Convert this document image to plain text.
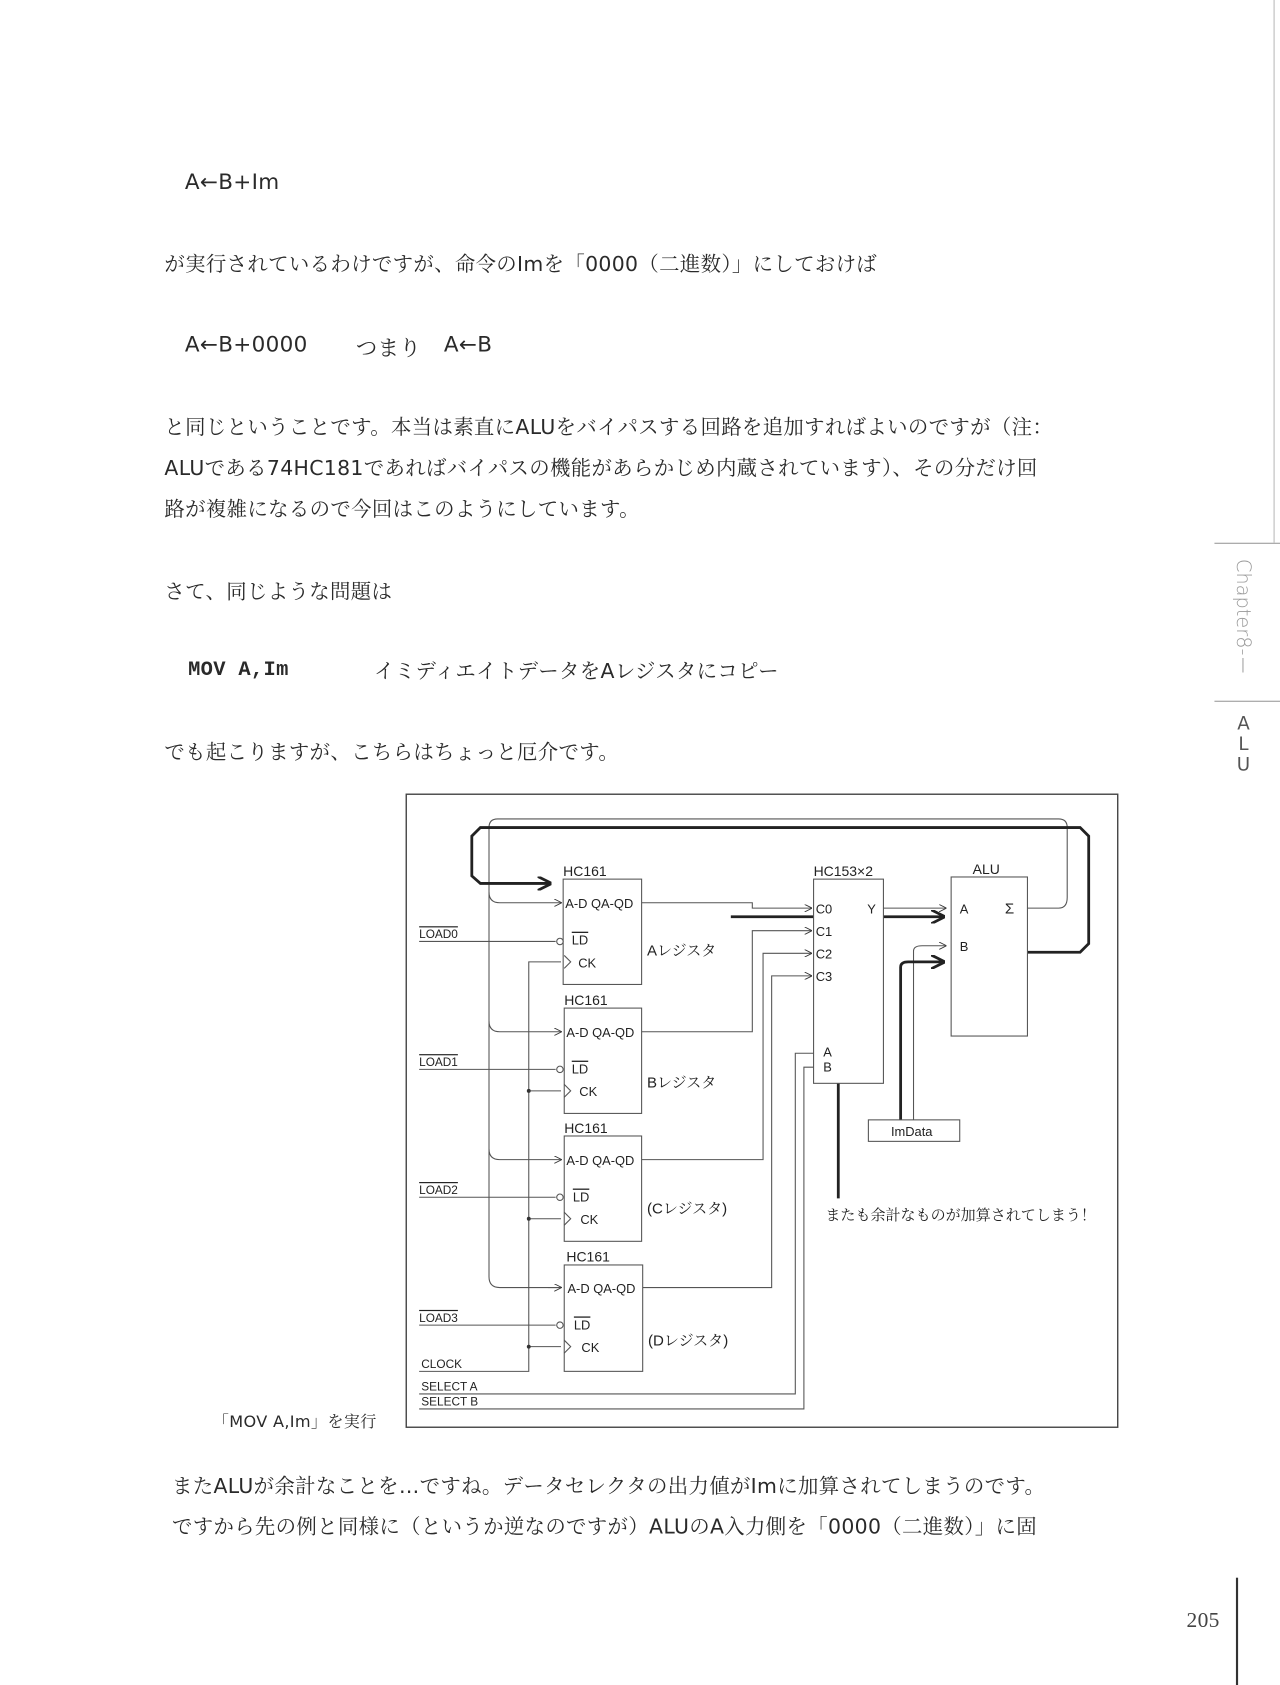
A←B+Im
が実行されているわけですが、命令のImを「0000（二進数）」にしておけば
A←B+0000 つまり A←B
と同じということです。本当は素直にALUをバイパスする回路を追加すればよいのですが（注：
ALUである74HC181であればバイパスの機能があらかじめ内蔵されています）、その分だけ回
路が複雑になるので今回はこのようにしています。
さて、同じような問題は
MOV A,Im	イミディエイトデータをAレジスタにコピー
でも起こりますが、こちらはちょっと厄介です。
「MOV A,Im」を実行
HC161
HC161
HC161
HC161
HC153×2	ALU
A-D QA-QD
A-D QA-QD
A-D QA-QD
A-D QA-QD
LD
LD
LD
LD
CK
CK
CK
CK
C0
C1
C2
C3
Y
A
B
A
B
Σ
ImData
Aレジスタ
Bレジスタ
(Cレジスタ)
(Dレジスタ)
またも余計なものが加算されてしまう！
LOAD0
LOAD1
LOAD2
LOAD3
CLOCK
SELECT A
SELECT B
またALUが余計なことを…ですね。データセレクタの出力値がImに加算されてしまうのです。
ですから先の例と同様に（というか逆なのですが）ALUのA入力側を「0000（二進数）」に固
Chapter8-Ⅰ
A
L
U
205
